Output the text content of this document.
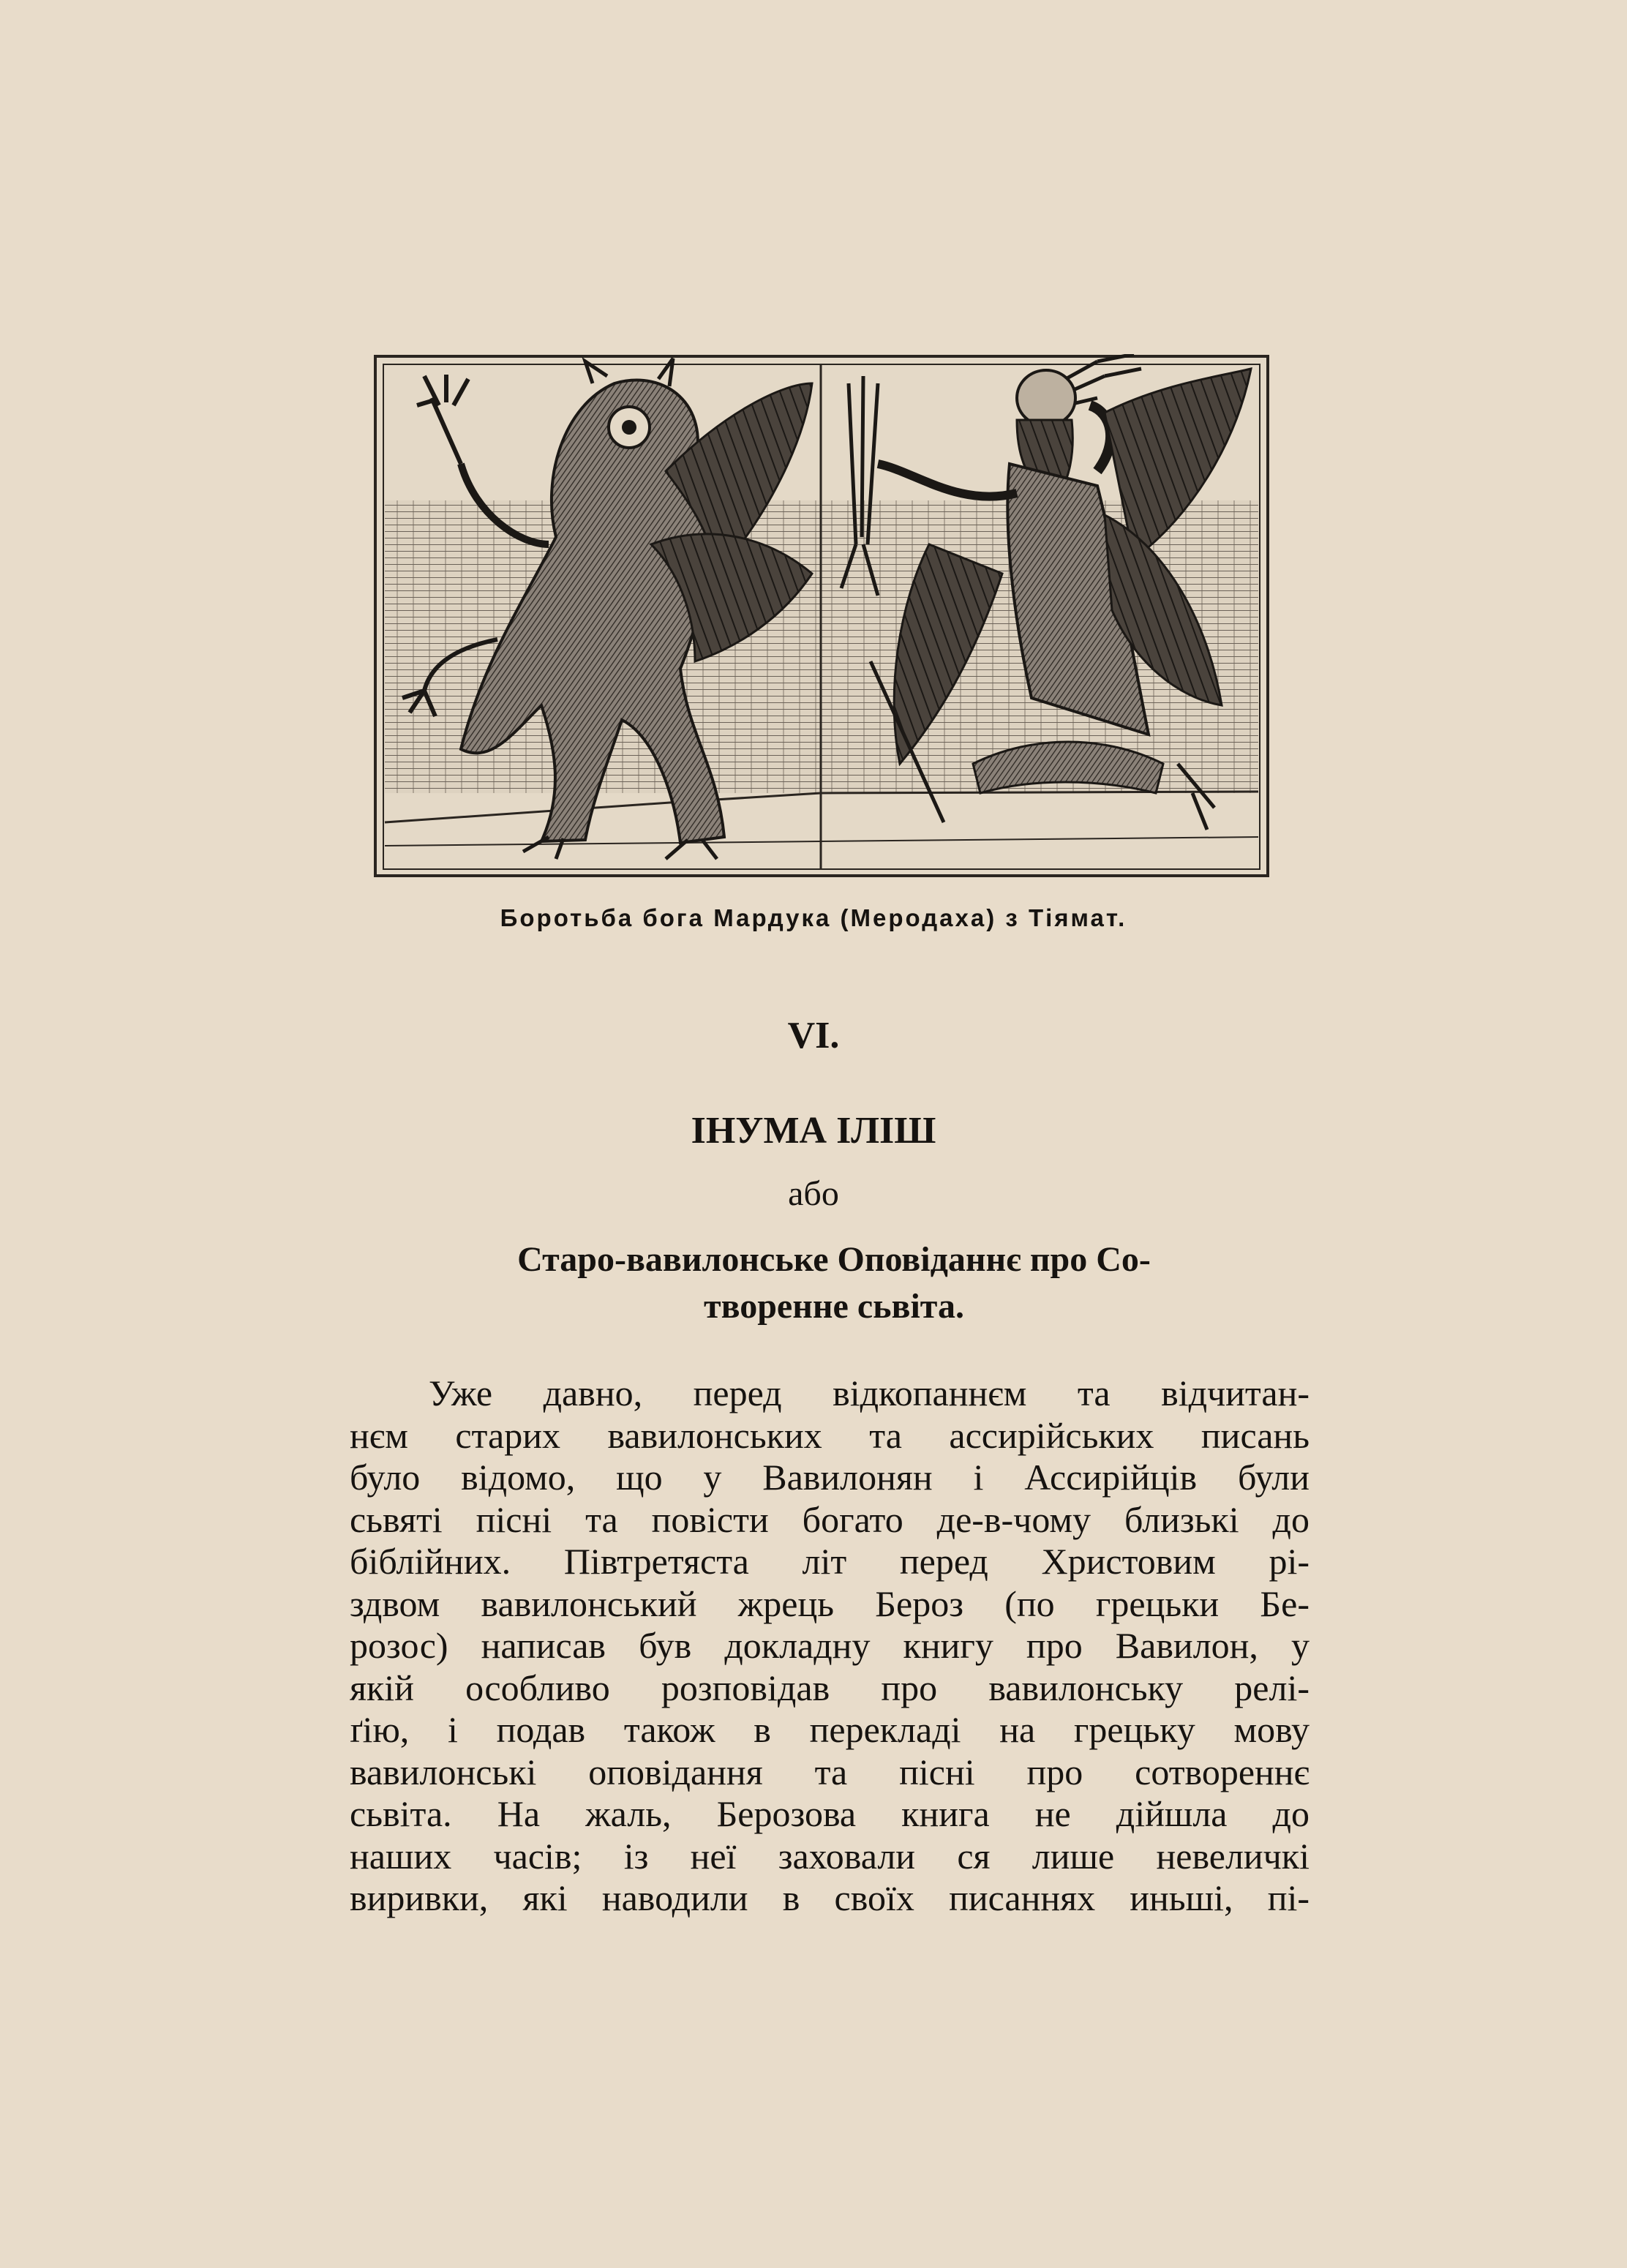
Боротьба бога Мардука (Меродаха) з Тіямат.
VI.
ІНУМА ІЛІШ
або
Старо-вавилонське Оповіданнє про Со-
творенне сьвіта.
Уже давно, перед відкопаннєм та відчитан-
нєм старих вавилонських та ассирійських писань
було відомо, що у Вавилонян і Ассирійців були
сьвяті пісні та повісти богато де-в-чому близькі до
біблійних. Півтретяста літ перед Христовим рі-
здвом вавилонський жрець Бероз (по грецьки Бе-
розос) написав був докладну книгу про Вавилон, у
якій особливо розповідав про вавилонську релі-
ґію, і подав також в перекладі на грецьку мову
вавилонські оповідання та пісні про сотвореннє
сьвіта. На жаль, Берозова книга не дійшла до
наших часів; із неї заховали ся лише невеличкі
виривки, які наводили в своїх писаннях иньші, пі-
